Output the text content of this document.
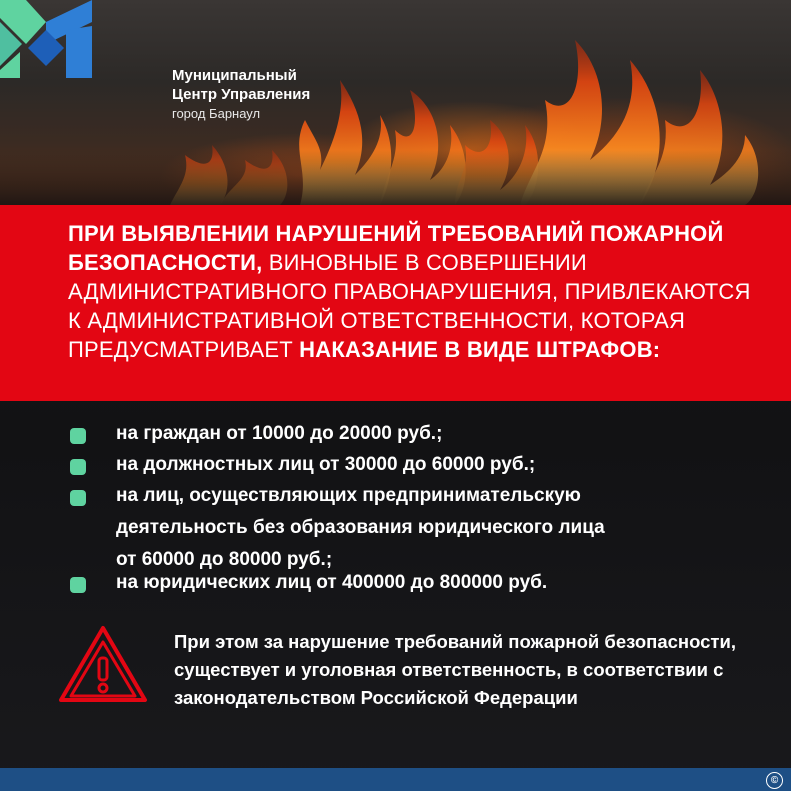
Муниципальный
Центр Управления
город Барнаул
ПРИ ВЫЯВЛЕНИИ НАРУШЕНИЙ ТРЕБОВАНИЙ ПОЖАРНОЙ БЕЗОПАСНОСТИ, ВИНОВНЫЕ В СОВЕРШЕНИИ АДМИНИСТРАТИВНОГО ПРАВОНАРУШЕНИЯ, ПРИВЛЕКАЮТСЯ К АДМИНИСТРАТИВНОЙ ОТВЕТСТВЕННОСТИ, КОТОРАЯ ПРЕДУСМАТРИВАЕТ НАКАЗАНИЕ В ВИДЕ ШТРАФОВ:
на граждан от 10000 до 20000 руб.;
на должностных лиц от 30000 до 60000 руб.;
на лиц, осуществляющих предпринимательскую
деятельность без образования юридического лица
от 60000 до 80000 руб.;
на юридических лиц от 400000 до 800000 руб.
При этом за нарушение требований пожарной безопасности, существует и уголовная ответственность, в соответствии с законодательством Российской Федерации
©
